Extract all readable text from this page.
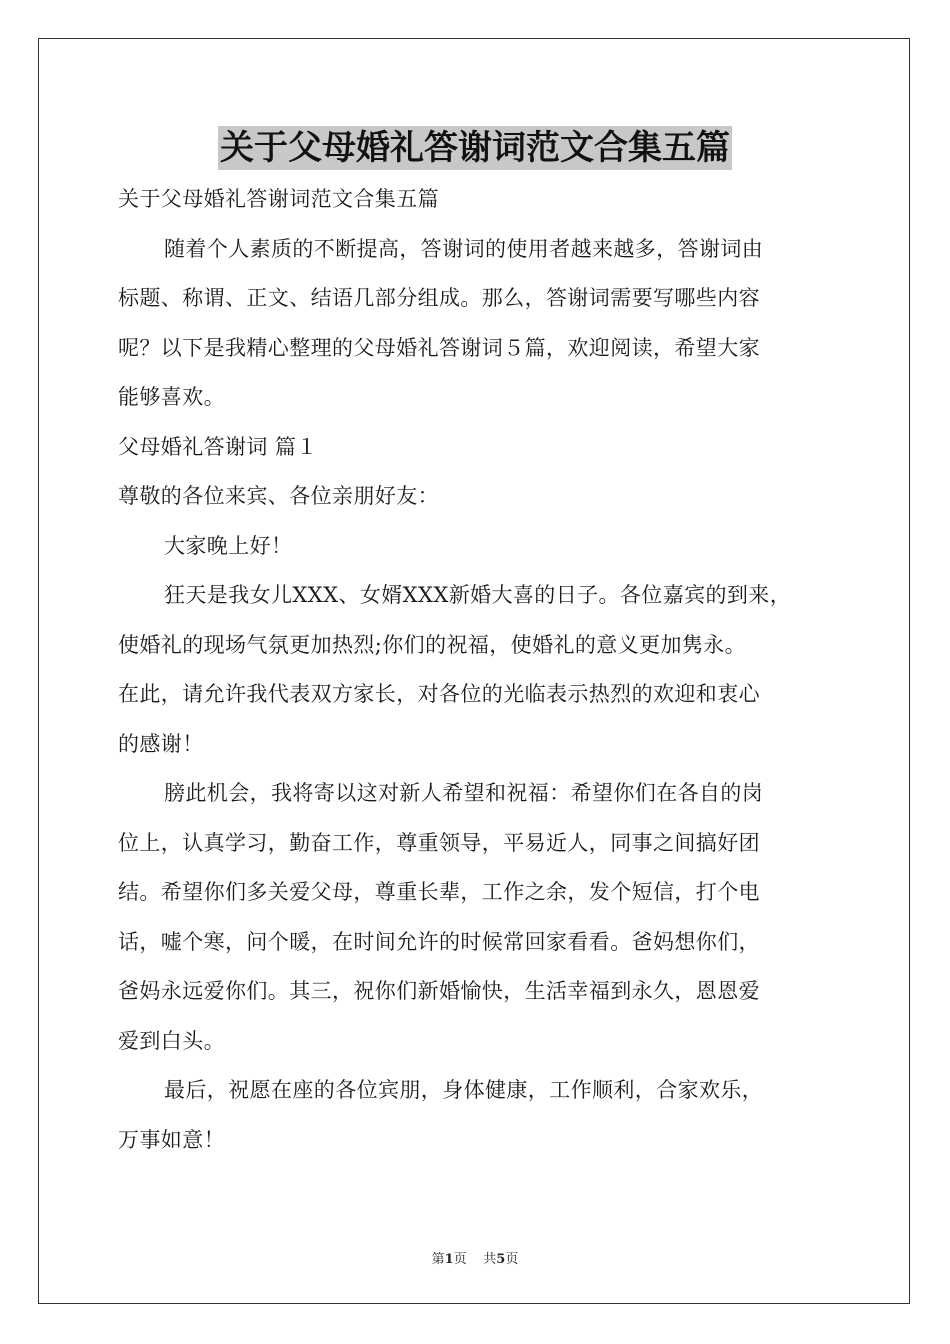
关于父母婚礼答谢词范文合集五篇
关于父母婚礼答谢词范文合集五篇
随着个人素质的不断提高，答谢词的使用者越来越多，答谢词由
标题、称谓、正文、结语几部分组成。那么，答谢词需要写哪些内容
呢？以下是我精心整理的父母婚礼答谢词５篇，欢迎阅读，希望大家
能够喜欢。
父母婚礼答谢词 篇１
尊敬的各位来宾、各位亲朋好友：
大家晚上好！
狂天是我女儿XXX、女婿XXX新婚大喜的日子。各位嘉宾的到来，
使婚礼的现场气氛更加热烈;你们的祝福，使婚礼的意义更加隽永。
在此，请允许我代表双方家长，对各位的光临表示热烈的欢迎和衷心
的感谢！
膀此机会，我将寄以这对新人希望和祝福：希望你们在各自的岗
位上，认真学习，勤奋工作，尊重领导，平易近人，同事之间搞好团
结。希望你们多关爱父母，尊重长辈，工作之余，发个短信，打个电
话，嘘个寒，问个暖，在时间允许的时候常回家看看。爸妈想你们，
爸妈永远爱你们。其三，祝你们新婚愉快，生活幸福到永久，恩恩爱
爱到白头。
最后，祝愿在座的各位宾朋，身体健康，工作顺利，合家欢乐，
万事如意！
第1页 共5页
